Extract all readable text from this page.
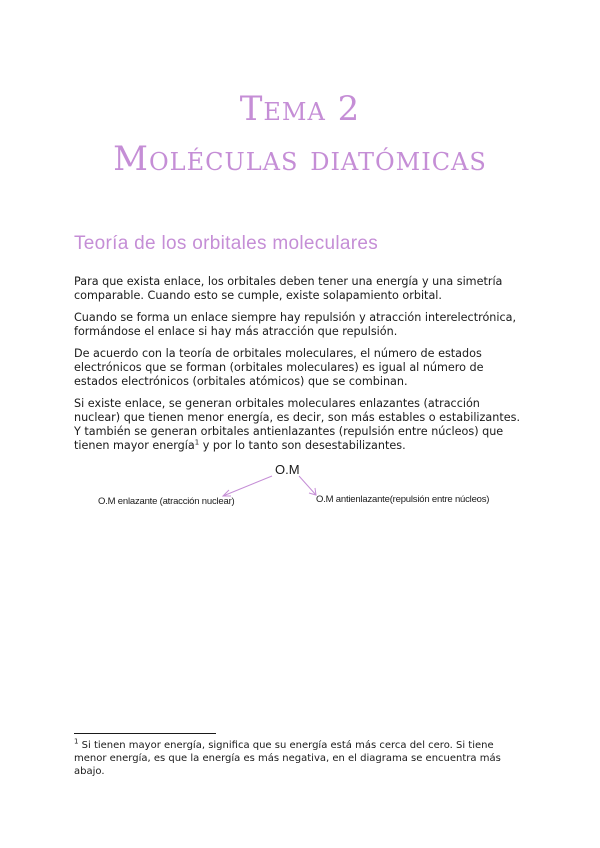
Tema 2
Moléculas diatómicas
Teoría de los orbitales moleculares

Para que exista enlace, los orbitales deben tener una energía y una simetría comparable. Cuando esto se cumple, existe solapamiento orbital.

Cuando se forma un enlace siempre hay repulsión y atracción interelectrónica, formándose el enlace si hay más atracción que repulsión.

De acuerdo con la teoría de orbitales moleculares, el número de estados electrónicos que se forman (orbitales moleculares) es igual al número de estados electrónicos (orbitales atómicos) que se combinan.

Si existe enlace, se generan orbitales moleculares enlazantes (atracción nuclear) que tienen menor energía, es decir, son más estables o estabilizantes. Y también se generan orbitales antienlazantes (repulsión entre núcleos) que tienen mayor energía$^1$ y por lo tanto son desestabilizantes.

O.M
O.M enlazante (atracción nuclear)	O.M antienlazante(repulsión entre núcleos)
$^1$ Si tienen mayor energía, significa que su energía está más cerca del cero. Si tiene menor energía, es que la energía es más negativa, en el diagrama se encuentra más abajo.
